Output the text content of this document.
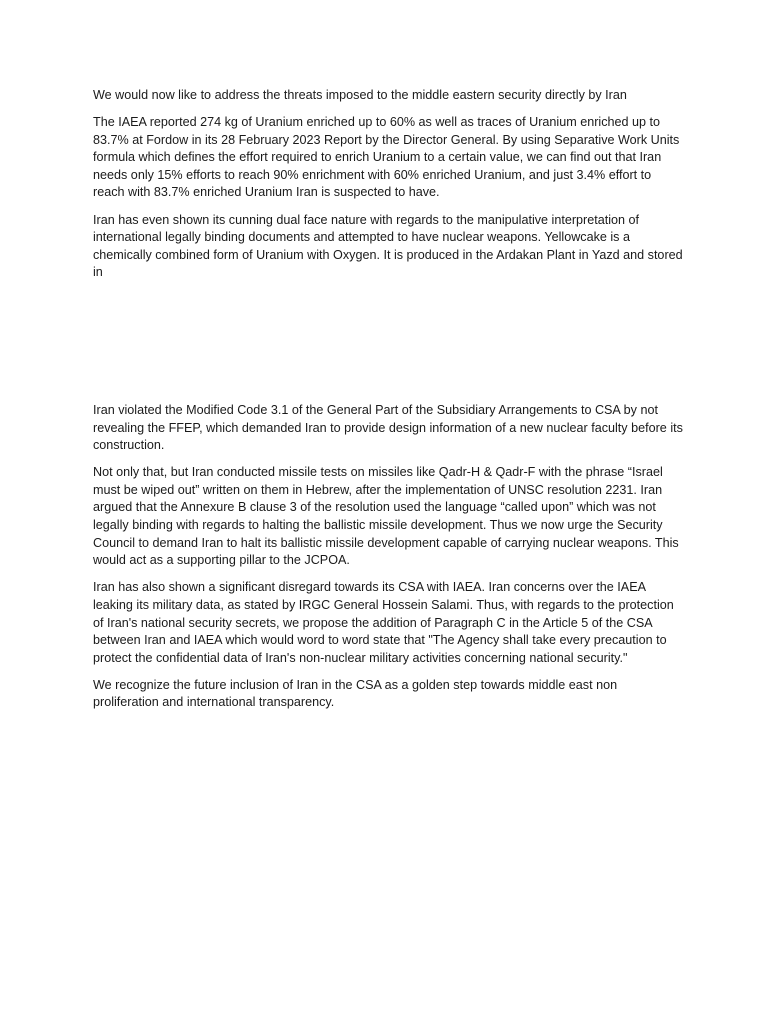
We would now like to address the threats imposed to the middle eastern security directly by Iran

The IAEA reported 274 kg of Uranium enriched up to 60% as well as traces of Uranium enriched up to 83.7% at Fordow in its 28 February 2023 Report by the Director General. By using Separative Work Units formula which defines the effort required to enrich Uranium to a certain value, we can find out that Iran needs only 15% efforts to reach 90% enrichment with 60% enriched Uranium, and just 3.4% effort to reach with 83.7% enriched Uranium Iran is suspected to have.

Iran has even shown its cunning dual face nature with regards to the manipulative interpretation of international legally binding documents and attempted to have nuclear weapons. Yellowcake is a chemically combined form of Uranium with Oxygen. It is produced in the Ardakan Plant in Yazd and stored in

Iran violated the Modified Code 3.1 of the General Part of the Subsidiary Arrangements to CSA by not revealing the FFEP, which demanded Iran to provide design information of a new nuclear faculty before its construction.

Not only that, but Iran conducted missile tests on missiles like Qadr-H & Qadr-F with the phrase “Israel must be wiped out” written on them in Hebrew, after the implementation of UNSC resolution 2231. Iran argued that the Annexure B clause 3 of the resolution used the language “called upon” which was not legally binding with regards to halting the ballistic missile development. Thus we now urge the Security Council to demand Iran to halt its ballistic missile development capable of carrying nuclear weapons. This would act as a supporting pillar to the JCPOA.

Iran has also shown a significant disregard towards its CSA with IAEA. Iran concerns over the IAEA leaking its military data, as stated by IRGC General Hossein Salami. Thus, with regards to the protection of Iran's national security secrets, we propose the addition of Paragraph C in the Article 5 of the CSA between Iran and IAEA which would word to word state that "The Agency shall take every precaution to protect the confidential data of Iran's non-nuclear military activities concerning national security."

We recognize the future inclusion of Iran in the CSA as a golden step towards middle east non proliferation and international transparency.
